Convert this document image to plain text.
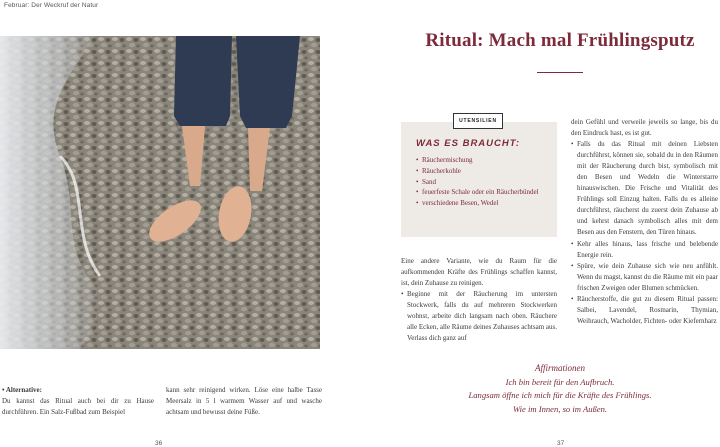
Februar: Der Weckruf der Natur
• Alternative:
Du kannst das Ritual auch bei dir zu Hause durchführen. Ein Salz-Fußbad zum Beispiel
kann sehr reinigend wirken. Löse eine halbe Tasse Meersalz in 5 l warmem Wasser auf und wasche achtsam und bewusst deine Füße.
36
Ritual: Mach mal Frühlingsputz
UTENSILIEN
WAS ES BRAUCHT:
• Räuchermischung
• Räucherkohle
• Sand
• feuerfeste Schale oder ein Räucherbündel
• verschiedene Besen, Wedel

Eine andere Variante, wie du Raum für die aufkommenden Kräfte des Frühlings schaffen kannst, ist, dein Zuhause zu reinigen.

• Beginne mit der Räucherung im untersten Stockwerk, falls du auf mehreren Stockwerken wohnst, arbeite dich langsam nach oben. Räuchere alle Ecken, alle Räume deines Zuhauses achtsam aus. Verlass dich ganz auf

dein Gefühl und verweile jeweils so lange, bis du den Eindruck hast, es ist gut.

• Falls du das Ritual mit deinen Liebsten durchführst, können sie, sobald du in den Räumen mit der Räucherung durch bist, symbolisch mit den Besen und Wedeln die Winterstarre hinauswischen. Die Frische und Vitalität des Frühlings soll Einzug halten. Falls du es alleine durchführst, räucherst du zuerst dein Zuhause ab und kehrst danach symbolisch alles mit dem Besen aus den Fenstern, den Türen hinaus.
• Kehr alles hinaus, lass frische und belebende Energie rein.
• Spüre, wie dein Zuhause sich wie neu anfühlt. Wenn du magst, kannst du die Räume mit ein paar frischen Zweigen oder Blumen schmücken.
• Räucherstoffe, die gut zu diesem Ritual passen: Salbei, Lavendel, Rosmarin, Thymian, Weihrauch, Wacholder, Fichten- oder Kiefernharz
Affirmationen
Ich bin bereit für den Aufbruch.
Langsam öffne ich mich für die Kräfte des Frühlings.
Wie im Innen, so im Außen.
37
